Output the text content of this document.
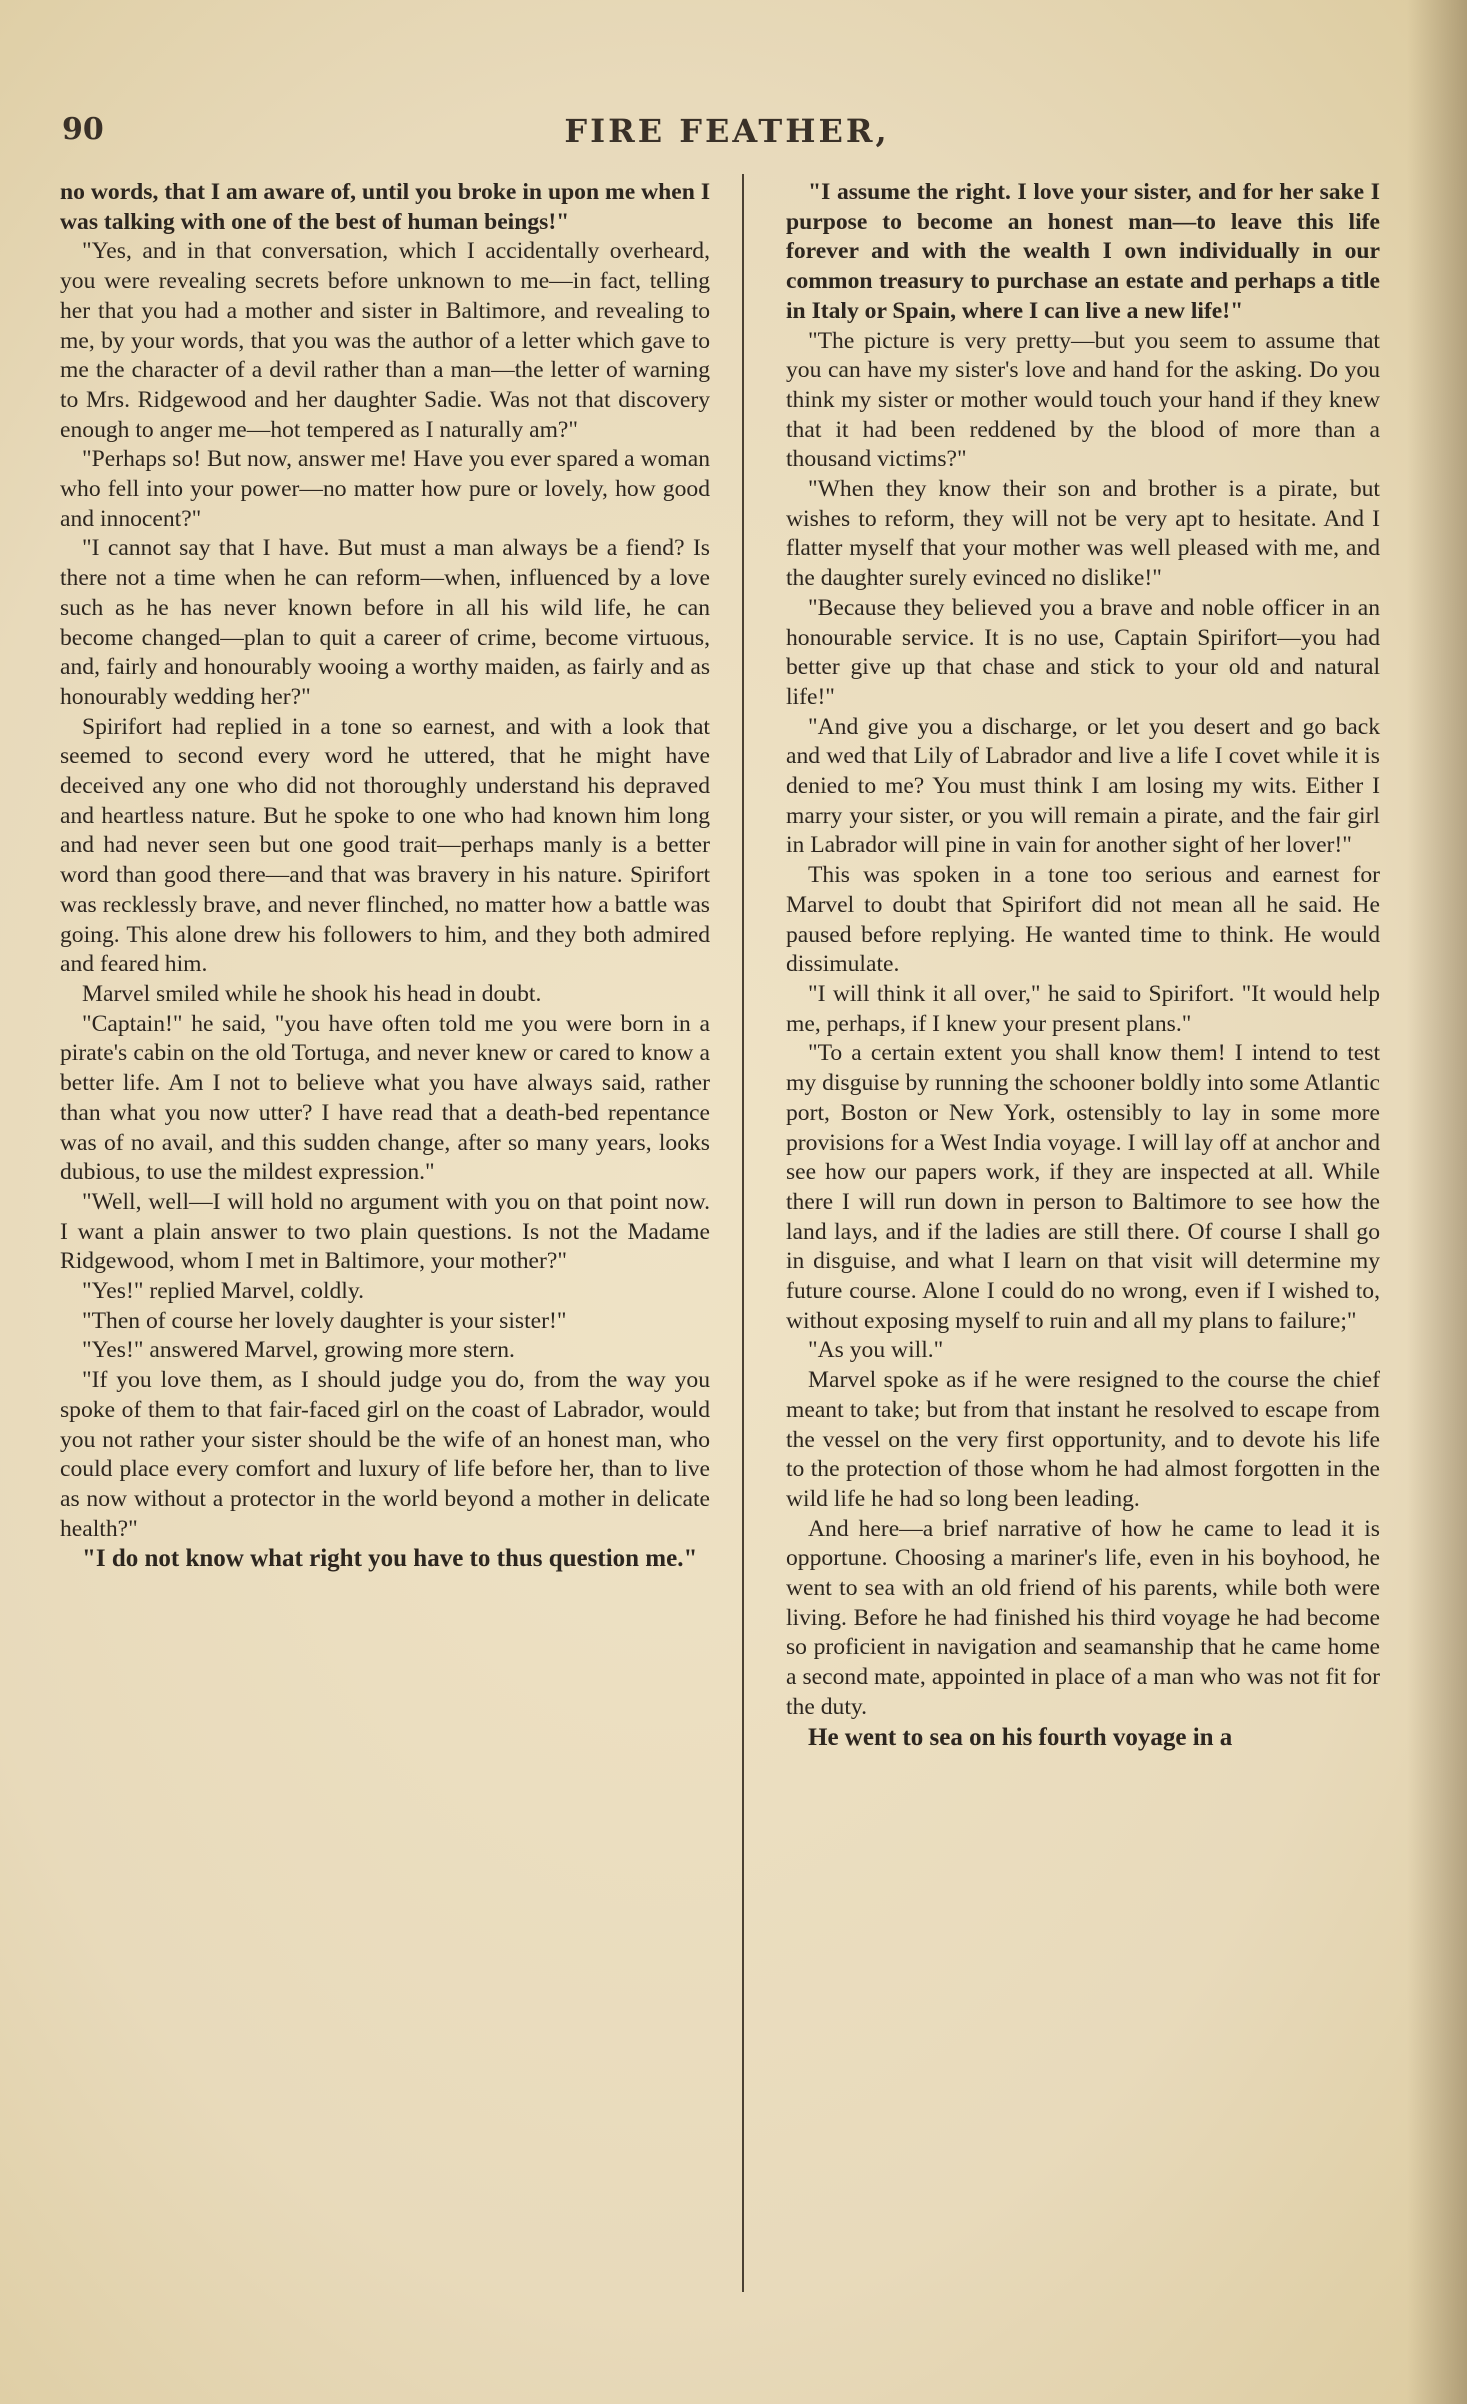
90	FIRE FEATHER,

no words, that I am aware of, until you broke in upon me when I was talking with one of the best of human beings!"

"Yes, and in that conversation, which I accidentally overheard, you were revealing secrets before unknown to me—in fact, telling her that you had a mother and sister in Baltimore, and revealing to me, by your words, that you was the author of a letter which gave to me the character of a devil rather than a man—the letter of warning to Mrs. Ridgewood and her daughter Sadie. Was not that discovery enough to anger me—hot tempered as I naturally am?"

"Perhaps so! But now, answer me! Have you ever spared a woman who fell into your power—no matter how pure or lovely, how good and innocent?"

"I cannot say that I have. But must a man always be a fiend? Is there not a time when he can reform—when, influenced by a love such as he has never known before in all his wild life, he can become changed—plan to quit a career of crime, become virtuous, and, fairly and honourably wooing a worthy maiden, as fairly and as honourably wedding her?"

Spirifort had replied in a tone so earnest, and with a look that seemed to second every word he uttered, that he might have deceived any one who did not thoroughly understand his depraved and heartless nature. But he spoke to one who had known him long and had never seen but one good trait—perhaps manly is a better word than good there—and that was bravery in his nature. Spirifort was recklessly brave, and never flinched, no matter how a battle was going. This alone drew his followers to him, and they both admired and feared him.

Marvel smiled while he shook his head in doubt.

"Captain!" he said, "you have often told me you were born in a pirate's cabin on the old Tortuga, and never knew or cared to know a better life. Am I not to believe what you have always said, rather than what you now utter? I have read that a death-bed repentance was of no avail, and this sudden change, after so many years, looks dubious, to use the mildest expression."

"Well, well—I will hold no argument with you on that point now. I want a plain answer to two plain questions. Is not the Madame Ridgewood, whom I met in Baltimore, your mother?"

"Yes!" replied Marvel, coldly.

"Then of course her lovely daughter is your sister!"

"Yes!" answered Marvel, growing more stern.

"If you love them, as I should judge you do, from the way you spoke of them to that fair-faced girl on the coast of Labrador, would you not rather your sister should be the wife of an honest man, who could place every comfort and luxury of life before her, than to live as now without a protector in the world beyond a mother in delicate health?"

"I do not know what right you have to thus question me."

"I assume the right. I love your sister, and for her sake I purpose to become an honest man—to leave this life forever and with the wealth I own individually in our common treasury to purchase an estate and perhaps a title in Italy or Spain, where I can live a new life!"

"The picture is very pretty—but you seem to assume that you can have my sister's love and hand for the asking. Do you think my sister or mother would touch your hand if they knew that it had been reddened by the blood of more than a thousand victims?"

"When they know their son and brother is a pirate, but wishes to reform, they will not be very apt to hesitate. And I flatter myself that your mother was well pleased with me, and the daughter surely evinced no dislike!"

"Because they believed you a brave and noble officer in an honourable service. It is no use, Captain Spirifort—you had better give up that chase and stick to your old and natural life!"

"And give you a discharge, or let you desert and go back and wed that Lily of Labrador and live a life I covet while it is denied to me? You must think I am losing my wits. Either I marry your sister, or you will remain a pirate, and the fair girl in Labrador will pine in vain for another sight of her lover!"

This was spoken in a tone too serious and earnest for Marvel to doubt that Spirifort did not mean all he said. He paused before replying. He wanted time to think. He would dissimulate.

"I will think it all over," he said to Spirifort. "It would help me, perhaps, if I knew your present plans."

"To a certain extent you shall know them! I intend to test my disguise by running the schooner boldly into some Atlantic port, Boston or New York, ostensibly to lay in some more provisions for a West India voyage. I will lay off at anchor and see how our papers work, if they are inspected at all. While there I will run down in person to Baltimore to see how the land lays, and if the ladies are still there. Of course I shall go in disguise, and what I learn on that visit will determine my future course. Alone I could do no wrong, even if I wished to, without exposing myself to ruin and all my plans to failure;"

"As you will."

Marvel spoke as if he were resigned to the course the chief meant to take; but from that instant he resolved to escape from the vessel on the very first opportunity, and to devote his life to the protection of those whom he had almost forgotten in the wild life he had so long been leading.

And here—a brief narrative of how he came to lead it is opportune. Choosing a mariner's life, even in his boyhood, he went to sea with an old friend of his parents, while both were living. Before he had finished his third voyage he had become so proficient in navigation and seamanship that he came home a second mate, appointed in place of a man who was not fit for the duty.

He went to sea on his fourth voyage in a
